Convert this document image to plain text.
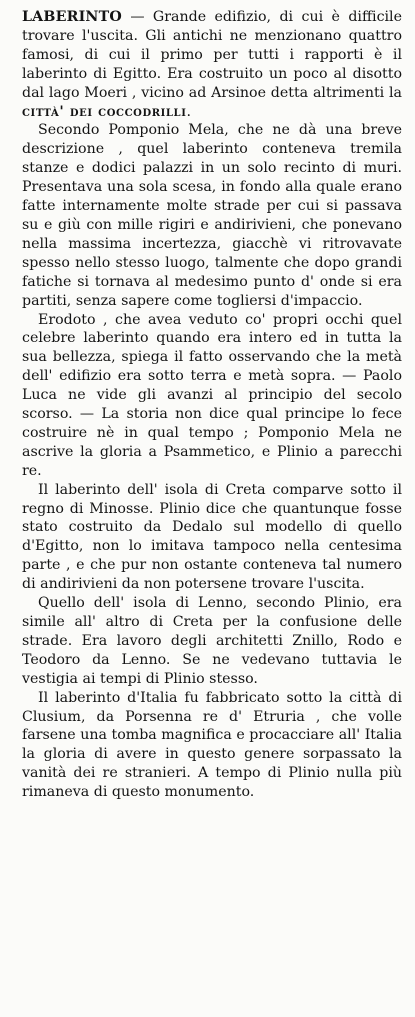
LABERINTO — Grande edifizio, di cui è difficile trovare l'uscita. Gli antichi ne menzionano quattro famosi, di cui il primo per tutti i rapporti è il laberinto di Egitto. Era costruito un poco al disotto dal lago Moeri , vicino ad Arsinoe detta altrimenti la città' dei coccodrilli.

Secondo Pomponio Mela, che ne dà una breve descrizione , quel laberinto conteneva tremila stanze e dodici palazzi in un solo recinto di muri. Presentava una sola scesa, in fondo alla quale erano fatte internamente molte strade per cui si passava su e giù con mille rigiri e andirivieni, che ponevano nella massima incertezza, giacchè vi ritrovavate spesso nello stesso luogo, talmente che dopo grandi fatiche si tornava al medesimo punto d' onde si era partiti, senza sapere come togliersi d'impaccio.

Erodoto , che avea veduto co' propri occhi quel celebre laberinto quando era intero ed in tutta la sua bellezza, spiega il fatto osservando che la metà dell' edifizio era sotto terra e metà sopra. — Paolo Luca ne vide gli avanzi al principio del secolo scorso. — La storia non dice qual principe lo fece costruire nè in qual tempo ; Pomponio Mela ne ascrive la gloria a Psammetico, e Plinio a parecchi re.

Il laberinto dell' isola di Creta comparve sotto il regno di Minosse. Plinio dice che quantunque fosse stato costruito da Dedalo sul modello di quello d'Egitto, non lo imitava tampoco nella centesima parte , e che pur non ostante conteneva tal numero di andirivieni da non potersene trovare l'uscita.

Quello dell' isola di Lenno, secondo Plinio, era simile all' altro di Creta per la confusione delle strade. Era lavoro degli architetti Znillo, Rodo e Teodoro da Lenno. Se ne vedevano tuttavia le vestigia ai tempi di Plinio stesso.

Il laberinto d'Italia fu fabbricato sotto la città di Clusium, da Porsenna re d' Etruria , che volle farsene una tomba magnifica e procacciare all' Italia la gloria di avere in questo genere sorpassato la vanità dei re stranieri. A tempo di Plinio nulla più rimaneva di questo monumento.
